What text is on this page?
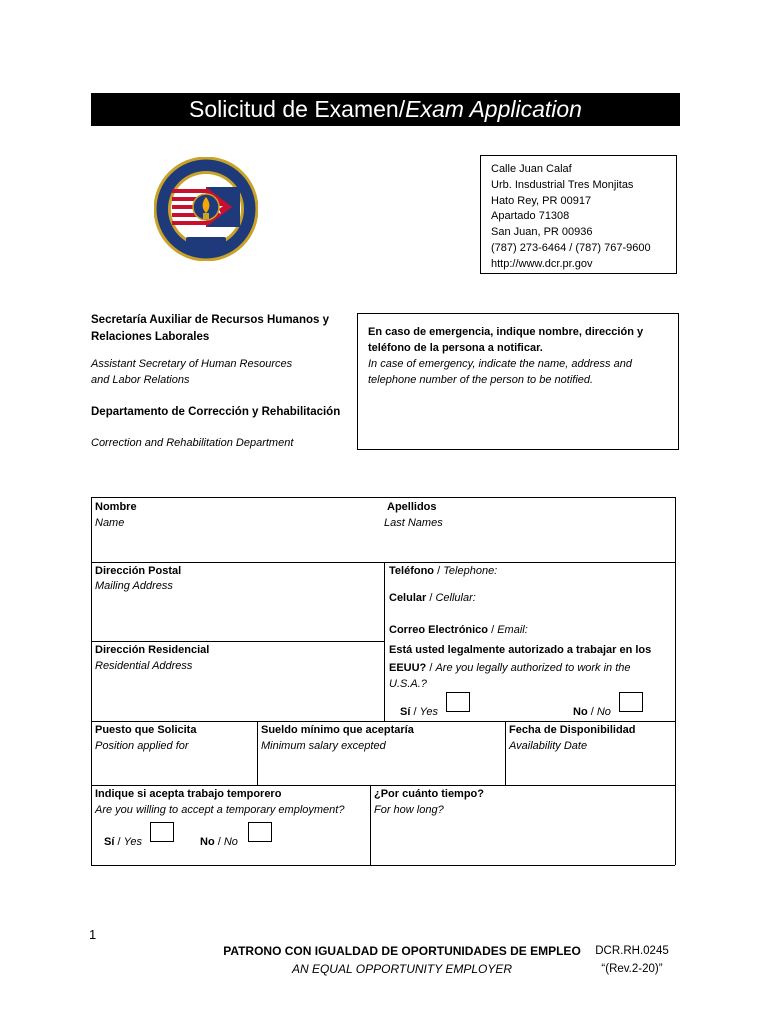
Solicitud de Examen/Exam Application
Calle Juan Calaf
Urb. Insdustrial Tres Monjitas
Hato Rey, PR 00917
Apartado 71308
San Juan, PR 00936
(787) 273-6464 / (787) 767-9600
http://www.dcr.pr.gov
Secretaría Auxiliar de Recursos Humanos y
Relaciones Laborales
Assistant Secretary of Human Resources
and Labor Relations
Departamento de Corrección y Rehabilitación
Correction and Rehabilitation Department
En caso de emergencia, indique nombre, dirección y
teléfono de la persona a notificar.
In case of emergency, indicate the name, address and
telephone number of the person to be notified.
Nombre
Name
Apellidos
Last Names
Dirección Postal
Mailing Address
Teléfono / Telephone:
Celular / Cellular:
Correo Electrónico / Email:
Dirección Residencial
Residential Address
Está usted legalmente autorizado a trabajar en los
EEUU? / Are you legally authorized to work in the
U.S.A.?
Sí / Yes	No / No
Puesto que Solicita
Position applied for
Sueldo mínimo que aceptaría
Minimum salary excepted
Fecha de Disponibilidad
Availability Date
Indique si acepta trabajo temporero
Are you willing to accept a temporary employment?
Sí / Yes	No / No
¿Por cuánto tiempo?
For how long?
1
PATRONO CON IGUALDAD DE OPORTUNIDADES DE EMPLEO
AN EQUAL OPPORTUNITY EMPLOYER
DCR.RH.0245
“(Rev.2-20)”
